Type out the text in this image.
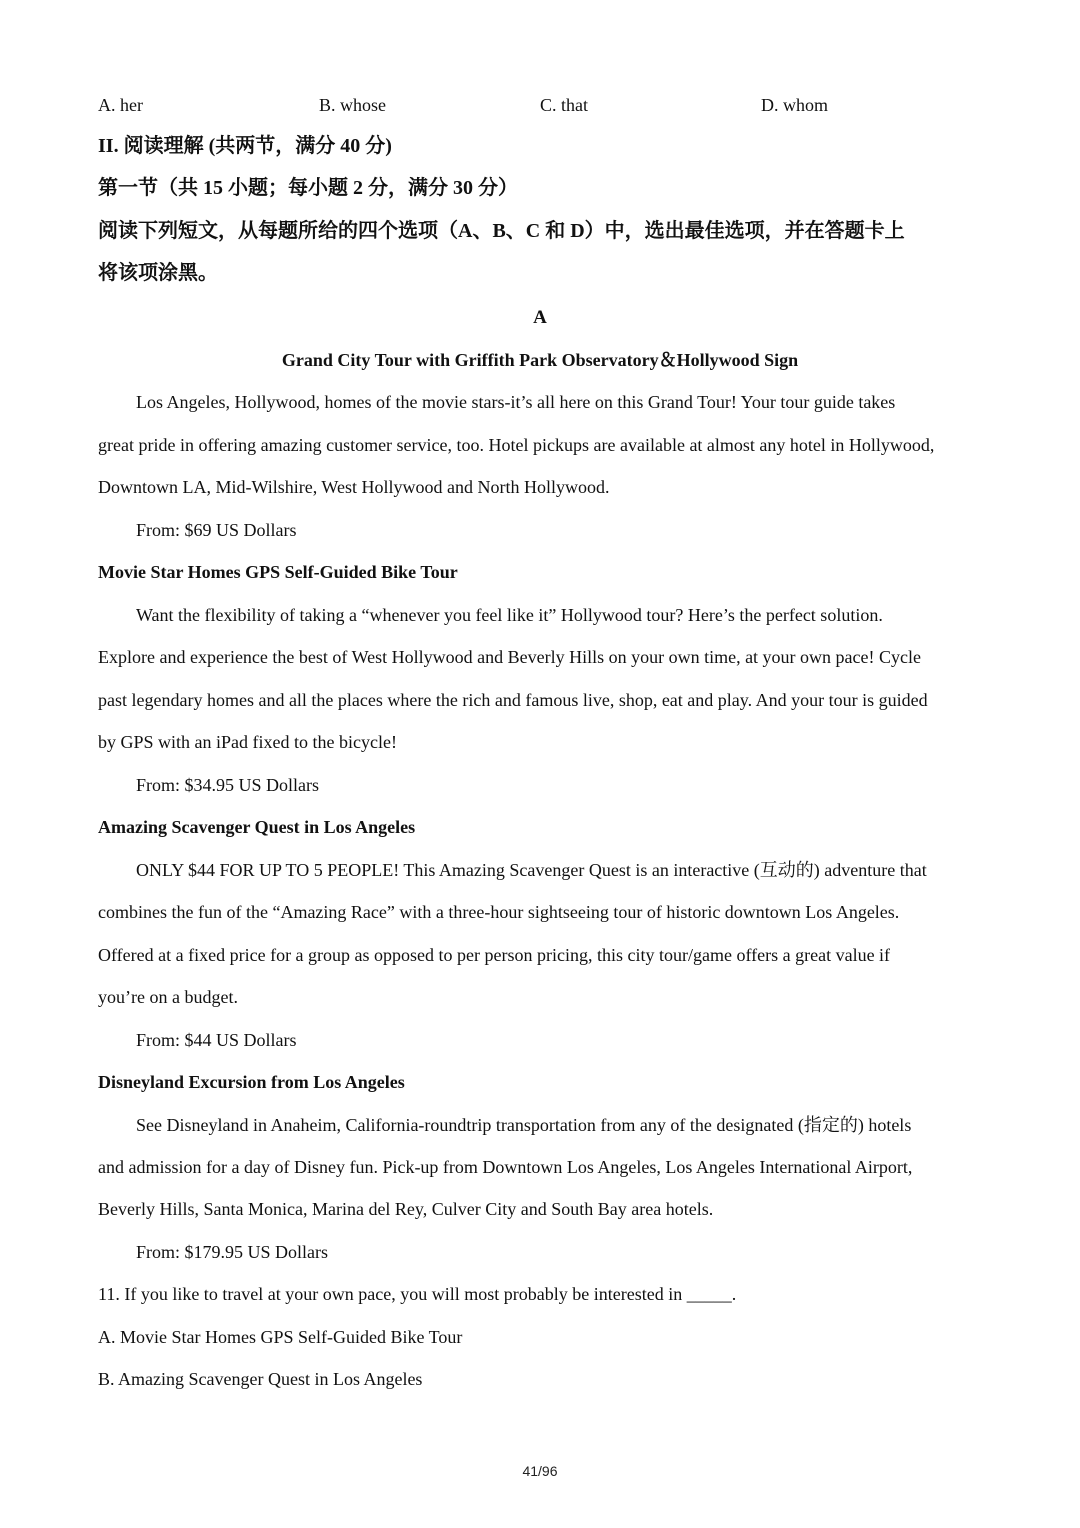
A. her	B. whose	C. that	D. whom
II. 阅读理解 (共两节，满分 40 分)
第一节（共 15 小题；每小题 2 分，满分 30 分）
阅读下列短文，从每题所给的四个选项（A、B、C 和 D）中，选出最佳选项，并在答题卡上
将该项涂黑。
A
Grand City Tour with Griffith Park Observatory＆Hollywood Sign
Los Angeles, Hollywood, homes of the movie stars-it’s all here on this Grand Tour! Your tour guide takes
great pride in offering amazing customer service, too. Hotel pickups are available at almost any hotel in Hollywood,
Downtown LA, Mid-Wilshire, West Hollywood and North Hollywood.
From: $69 US Dollars
Movie Star Homes GPS Self-Guided Bike Tour
Want the flexibility of taking a “whenever you feel like it” Hollywood tour? Here’s the perfect solution.
Explore and experience the best of West Hollywood and Beverly Hills on your own time, at your own pace! Cycle
past legendary homes and all the places where the rich and famous live, shop, eat and play. And your tour is guided
by GPS with an iPad fixed to the bicycle!
From: $34.95 US Dollars
Amazing Scavenger Quest in Los Angeles
ONLY $44 FOR UP TO 5 PEOPLE! This Amazing Scavenger Quest is an interactive (互动的) adventure that
combines the fun of the “Amazing Race” with a three-hour sightseeing tour of historic downtown Los Angeles.
Offered at a fixed price for a group as opposed to per person pricing, this city tour/game offers a great value if
you’re on a budget.
From: $44 US Dollars
Disneyland Excursion from Los Angeles
See Disneyland in Anaheim, California-roundtrip transportation from any of the designated (指定的) hotels
and admission for a day of Disney fun. Pick-up from Downtown Los Angeles, Los Angeles International Airport,
Beverly Hills, Santa Monica, Marina del Rey, Culver City and South Bay area hotels.
From: $179.95 US Dollars
11. If you like to travel at your own pace, you will most probably be interested in _____.
A. Movie Star Homes GPS Self-Guided Bike Tour
B. Amazing Scavenger Quest in Los Angeles
41/96
